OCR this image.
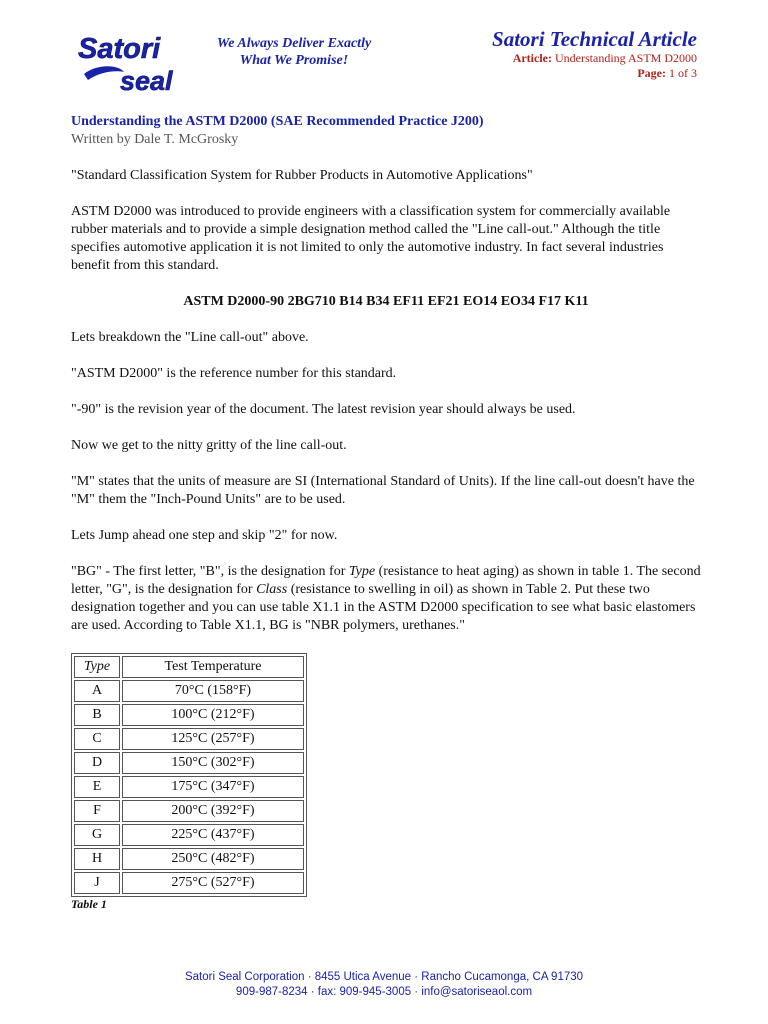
Satori
seal
We Always Deliver Exactly
What We Promise!
Satori Technical Article
Article: Understanding ASTM D2000
Page: 1 of 3

Understanding the ASTM D2000 (SAE Recommended Practice J200)

Written by Dale T. McGrosky

"Standard Classification System for Rubber Products in Automotive Applications"

ASTM D2000 was introduced to provide engineers with a classification system for commercially available rubber materials and to provide a simple designation method called the "Line call-out." Although the title specifies automotive application it is not limited to only the automotive industry. In fact several industries benefit from this standard.

ASTM D2000-90 2BG710 B14 B34 EF11 EF21 EO14 EO34 F17 K11

Lets breakdown the "Line call-out" above.

"ASTM D2000" is the reference number for this standard.

"-90" is the revision year of the document. The latest revision year should always be used.

Now we get to the nitty gritty of the line call-out.

"M" states that the units of measure are SI (International Standard of Units). If the line call-out doesn't have the "M" them the "Inch-Pound Units" are to be used.

Lets Jump ahead one step and skip "2" for now.

"BG" - The first letter, "B", is the designation for Type (resistance to heat aging) as shown in table 1. The second letter, "G", is the designation for Class (resistance to swelling in oil) as shown in Table 2. Put these two designation together and you can use table X1.1 in the ASTM D2000 specification to see what basic elastomers are used. According to Table X1.1, BG is "NBR polymers, urethanes."

Type	Test Temperature
A	70°C (158°F)
B	100°C (212°F)
C	125°C (257°F)
D	150°C (302°F)
E	175°C (347°F)
F	200°C (392°F)
G	225°C (437°F)
H	250°C (482°F)
J	275°C (527°F)
Table 1
Satori Seal Corporation · 8455 Utica Avenue · Rancho Cucamonga, CA 91730
909-987-8234 · fax: 909-945-3005 · info@satoriseaol.com
